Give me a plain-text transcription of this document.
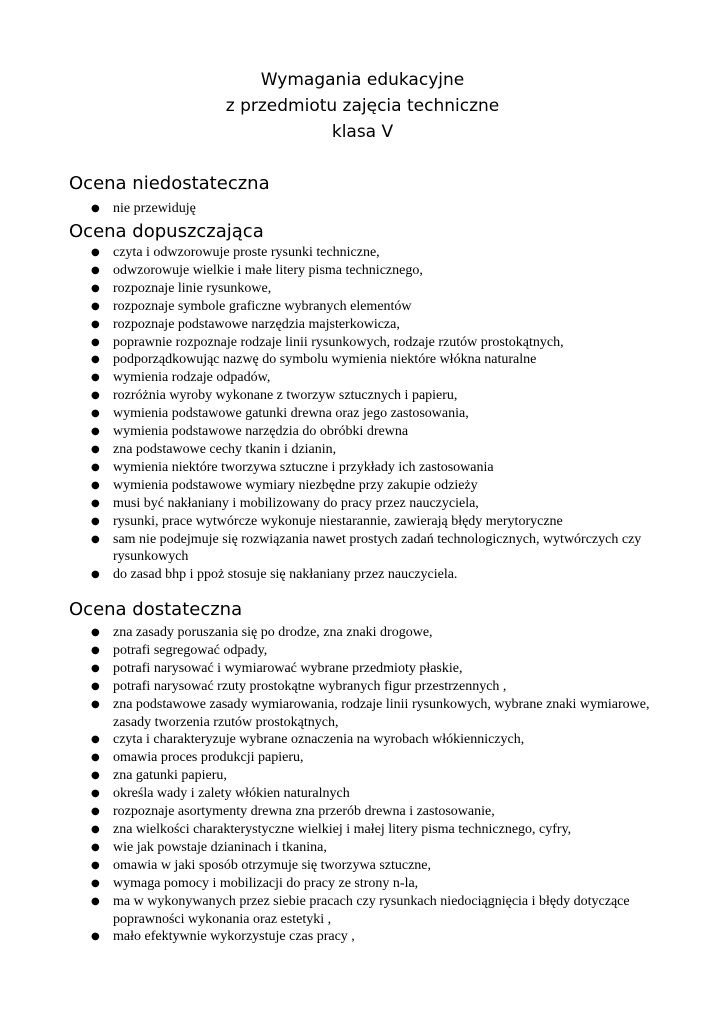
Wymagania edukacyjne
z przedmiotu zajęcia techniczne
klasa V
Ocena niedostateczna
● nie przewiduję
Ocena dopuszczająca
● czyta i odwzorowuje proste rysunki techniczne,
● odwzorowuje wielkie i małe litery pisma technicznego,
● rozpoznaje linie rysunkowe,
● rozpoznaje symbole graficzne wybranych elementów
● rozpoznaje podstawowe narzędzia majsterkowicza,
● poprawnie rozpoznaje rodzaje linii rysunkowych, rodzaje rzutów prostokątnych,
● podporządkowując nazwę do symbolu wymienia niektóre włókna naturalne
● wymienia rodzaje odpadów,
● rozróżnia wyroby wykonane z tworzyw sztucznych i papieru,
● wymienia podstawowe gatunki drewna oraz jego zastosowania,
● wymienia podstawowe narzędzia do obróbki drewna
● zna podstawowe cechy tkanin i dzianin,
● wymienia niektóre tworzywa sztuczne i przykłady ich zastosowania
● wymienia podstawowe wymiary niezbędne przy zakupie odzieży
● musi być nakłaniany i mobilizowany do pracy przez nauczyciela,
● rysunki, prace wytwórcze wykonuje niestarannie, zawierają błędy merytoryczne
● sam nie podejmuje się rozwiązania nawet prostych zadań technologicznych, wytwórczych czy rysunkowych
● do zasad bhp i ppoż stosuje się nakłaniany przez nauczyciela.
Ocena dostateczna
● zna zasady poruszania się po drodze, zna znaki drogowe,
● potrafi segregować odpady,
● potrafi narysować i wymiarować wybrane przedmioty płaskie,
● potrafi narysować rzuty prostokątne wybranych figur przestrzennych ,
● zna podstawowe zasady wymiarowania, rodzaje linii rysunkowych, wybrane znaki wymiarowe, zasady tworzenia rzutów prostokątnych,
● czyta i charakteryzuje wybrane oznaczenia na wyrobach włókienniczych,
● omawia proces produkcji papieru,
● zna gatunki papieru,
● określa wady i zalety włókien naturalnych
● rozpoznaje asortymenty drewna zna przerób drewna i zastosowanie,
● zna wielkości charakterystyczne wielkiej i małej litery pisma technicznego, cyfry,
● wie jak powstaje dzianinach i tkanina,
● omawia w jaki sposób otrzymuje się tworzywa sztuczne,
● wymaga pomocy i mobilizacji do pracy ze strony n-la,
● ma w wykonywanych przez siebie pracach czy rysunkach niedociągnięcia i błędy dotyczące poprawności wykonania oraz estetyki ,
● mało efektywnie wykorzystuje czas pracy ,
